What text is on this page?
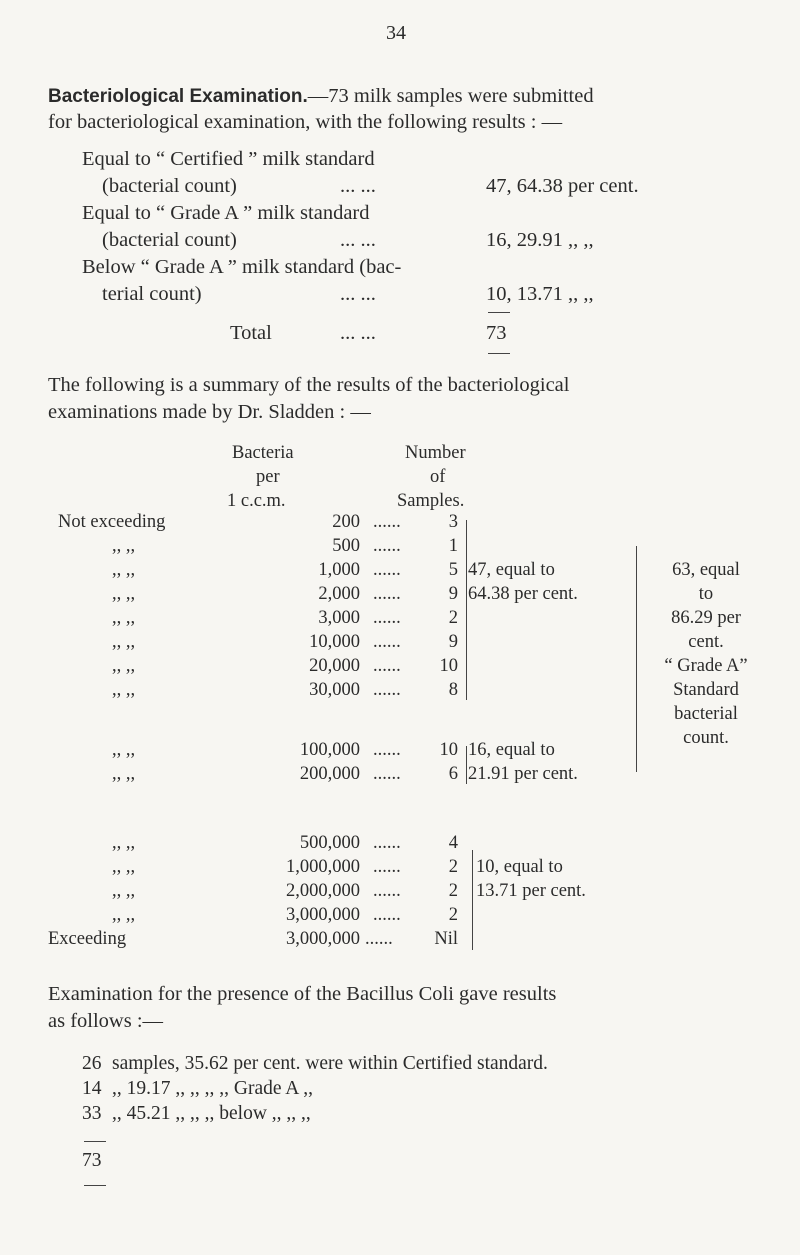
34
Bacteriological Examination.—73 milk samples were submitted
for bacteriological examination, with the following results : —
Equal to “ Certified ” milk standard
(bacterial count)	... ...	47, 64.38 per cent.
Equal to “ Grade A ” milk standard
(bacterial count)	... ...	16, 29.91 ,, ,,
Below “ Grade A ” milk standard (bac-
terial count)	... ...	10, 13.71 ,, ,,
Total	... ...	73
The following is a summary of the results of the bacteriological
examinations made by Dr. Sladden : —
Bacteria
per
1 c.c.m.
Number
of
Samples.
Not exceeding	200 ......	3
,, ,,	500 ......	1
,, ,,	1,000 ......	5
,, ,,	2,000 ......	9
,, ,,	3,000 ......	2
,, ,,	10,000 ......	9
,, ,,	20,000 ......	10
,, ,,	30,000 ......	8
,, ,,	100,000 ......	10
,, ,,	200,000 ......	6
,, ,,	500,000 ......	4
,, ,,	1,000,000 ......	2
,, ,,	2,000,000 ......	2
,, ,,	3,000,000 ......	2
Exceeding	3,000,000 ......	Nil
47, equal to
64.38 per cent.
16, equal to
21.91 per cent.
10, equal to
13.71 per cent.
63, equal
to
86.29 per
cent.
“ Grade A”
Standard
bacterial
count.
Examination for the presence of the Bacillus Coli gave results
as follows :—
26 samples, 35.62 per cent. were within Certified standard.
14 ,, 19.17 ,, ,, ,, ,, Grade A ,,
33 ,, 45.21 ,, ,, ,, below ,, ,, ,,
73
